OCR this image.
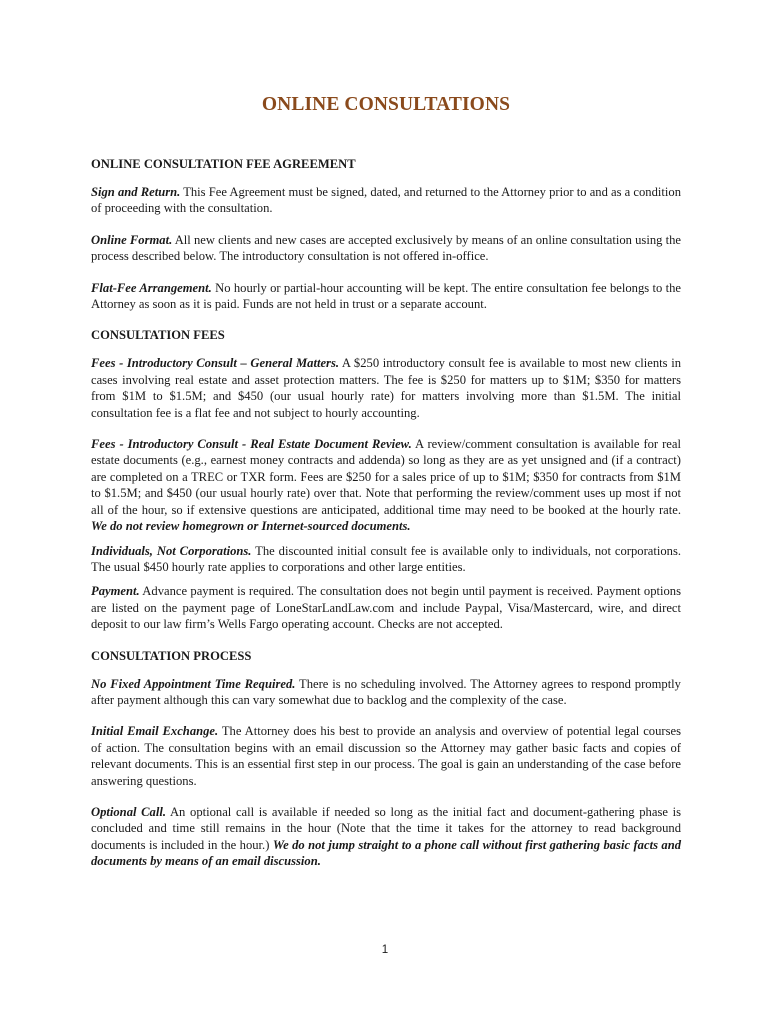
ONLINE CONSULTATIONS
ONLINE CONSULTATION FEE AGREEMENT

Sign and Return. This Fee Agreement must be signed, dated, and returned to the Attorney prior to and as a condition of proceeding with the consultation.

Online Format. All new clients and new cases are accepted exclusively by means of an online consultation using the process described below. The introductory consultation is not offered in-office.

Flat-Fee Arrangement. No hourly or partial-hour accounting will be kept. The entire consultation fee belongs to the Attorney as soon as it is paid. Funds are not held in trust or a separate account.

CONSULTATION FEES

Fees - Introductory Consult – General Matters. A $250 introductory consult fee is available to most new clients in cases involving real estate and asset protection matters. The fee is $250 for matters up to $1M; $350 for matters from $1M to $1.5M; and $450 (our usual hourly rate) for matters involving more than $1.5M. The initial consultation fee is a flat fee and not subject to hourly accounting.

Fees - Introductory Consult - Real Estate Document Review. A review/comment consultation is available for real estate documents (e.g., earnest money contracts and addenda) so long as they are as yet unsigned and (if a contract) are completed on a TREC or TXR form. Fees are $250 for a sales price of up to $1M; $350 for contracts from $1M to $1.5M; and $450 (our usual hourly rate) over that. Note that performing the review/comment uses up most if not all of the hour, so if extensive questions are anticipated, additional time may need to be booked at the hourly rate. We do not review homegrown or Internet-sourced documents.

Individuals, Not Corporations. The discounted initial consult fee is available only to individuals, not corporations. The usual $450 hourly rate applies to corporations and other large entities.

Payment. Advance payment is required. The consultation does not begin until payment is received. Payment options are listed on the payment page of LoneStarLandLaw.com and include Paypal, Visa/Mastercard, wire, and direct deposit to our law firm’s Wells Fargo operating account. Checks are not accepted.

CONSULTATION PROCESS

No Fixed Appointment Time Required. There is no scheduling involved. The Attorney agrees to respond promptly after payment although this can vary somewhat due to backlog and the complexity of the case.

Initial Email Exchange. The Attorney does his best to provide an analysis and overview of potential legal courses of action. The consultation begins with an email discussion so the Attorney may gather basic facts and copies of relevant documents. This is an essential first step in our process. The goal is gain an understanding of the case before answering questions.

Optional Call. An optional call is available if needed so long as the initial fact and document-gathering phase is concluded and time still remains in the hour (Note that the time it takes for the attorney to read background documents is included in the hour.) We do not jump straight to a phone call without first gathering basic facts and documents by means of an email discussion.

1
